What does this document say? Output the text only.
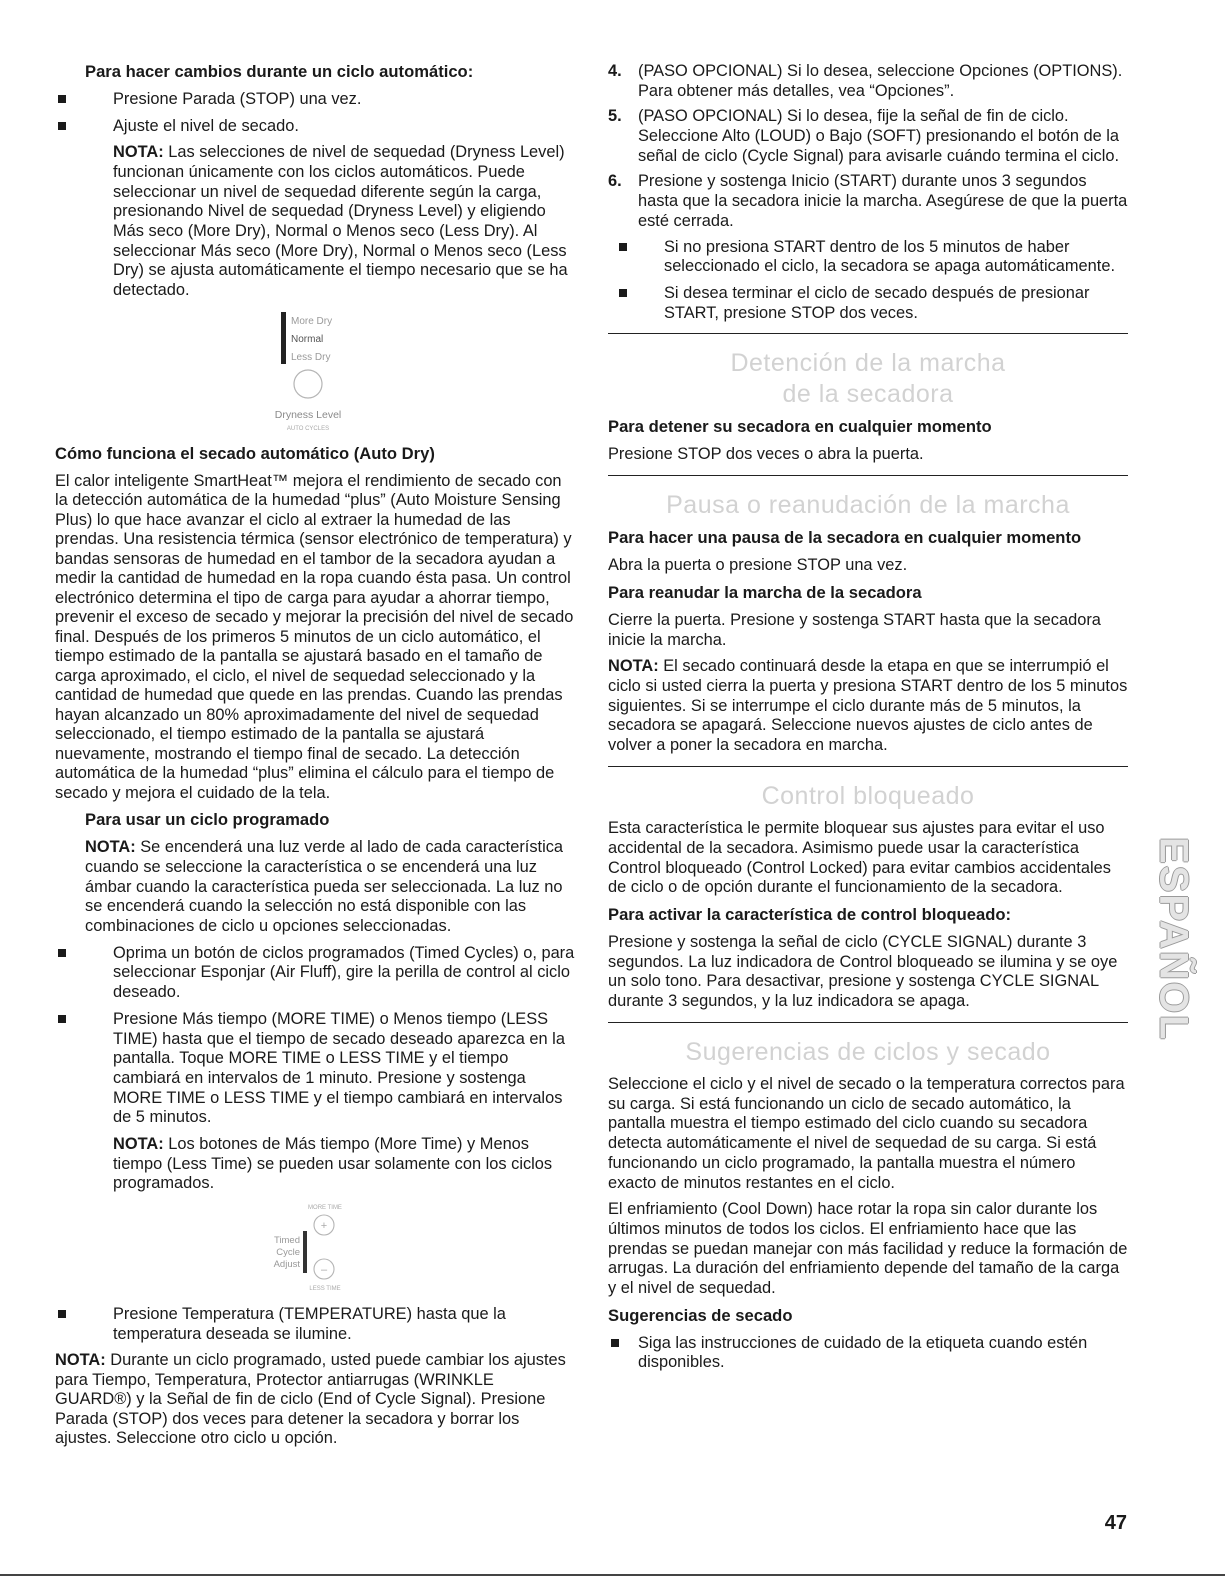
Para hacer cambios durante un ciclo automático:

Presione Parada (STOP) una vez.
Ajuste el nivel de secado.

NOTA: Las selecciones de nivel de sequedad (Dryness Level) funcionan únicamente con los ciclos automáticos. Puede seleccionar un nivel de sequedad diferente según la carga, presionando Nivel de sequedad (Dryness Level) y eligiendo Más seco (More Dry), Normal o Menos seco (Less Dry). Al seleccionar Más seco (More Dry), Normal o Menos seco (Less Dry) se ajusta automáticamente el tiempo necesario que se ha detectado.

More Dry
Normal
Less Dry
Dryness Level
AUTO CYCLES

Cómo funciona el secado automático (Auto Dry)

El calor inteligente SmartHeat™ mejora el rendimiento de secado con la detección automática de la humedad “plus” (Auto Moisture Sensing Plus) lo que hace avanzar el ciclo al extraer la humedad de las prendas. Una resistencia térmica (sensor electrónico de temperatura) y bandas sensoras de humedad en el tambor de la secadora ayudan a medir la cantidad de humedad en la ropa cuando ésta pasa. Un control electrónico determina el tipo de carga para ayudar a ahorrar tiempo, prevenir el exceso de secado y mejorar la precisión del nivel de secado final. Después de los primeros 5 minutos de un ciclo automático, el tiempo estimado de la pantalla se ajustará basado en el tamaño de carga aproximado, el ciclo, el nivel de sequedad seleccionado y la cantidad de humedad que quede en las prendas. Cuando las prendas hayan alcanzado un 80% aproximadamente del nivel de sequedad seleccionado, el tiempo estimado de la pantalla se ajustará nuevamente, mostrando el tiempo final de secado. La detección automática de la humedad “plus” elimina el cálculo para el tiempo de secado y mejora el cuidado de la tela.

Para usar un ciclo programado

NOTA: Se encenderá una luz verde al lado de cada característica cuando se seleccione la característica o se encenderá una luz ámbar cuando la característica pueda ser seleccionada. La luz no se encenderá cuando la selección no está disponible con las combinaciones de ciclo u opciones seleccionadas.

Oprima un botón de ciclos programados (Timed Cycles) o, para seleccionar Esponjar (Air Fluff), gire la perilla de control al ciclo deseado.
Presione Más tiempo (MORE TIME) o Menos tiempo (LESS TIME) hasta que el tiempo de secado deseado aparezca en la pantalla. Toque MORE TIME o LESS TIME y el tiempo cambiará en intervalos de 1 minuto. Presione y sostenga MORE TIME o LESS TIME y el tiempo cambiará en intervalos de 5 minutos.

NOTA: Los botones de Más tiempo (More Time) y Menos tiempo (Less Time) se pueden usar solamente con los ciclos programados.

MORE TIME
+
Timed
Cycle
Adjust –
LESS TIME
Presione Temperatura (TEMPERATURE) hasta que la temperatura deseada se ilumine.

NOTA: Durante un ciclo programado, usted puede cambiar los ajustes para Tiempo, Temperatura, Protector antiarrugas (WRINKLE GUARD®) y la Señal de fin de ciclo (End of Cycle Signal). Presione Parada (STOP) dos veces para detener la secadora y borrar los ajustes. Seleccione otro ciclo u opción.

4. (PASO OPCIONAL) Si lo desea, seleccione Opciones (OPTIONS). Para obtener más detalles, vea “Opciones”.
5. (PASO OPCIONAL) Si lo desea, fije la señal de fin de ciclo. Seleccione Alto (LOUD) o Bajo (SOFT) presionando el botón de la señal de ciclo (Cycle Signal) para avisarle cuándo termina el ciclo.
6. Presione y sostenga Inicio (START) durante unos 3 segundos hasta que la secadora inicie la marcha. Asegúrese de que la puerta esté cerrada.
Si no presiona START dentro de los 5 minutos de haber seleccionado el ciclo, la secadora se apaga automáticamente.
Si desea terminar el ciclo de secado después de presionar START, presione STOP dos veces.
Detención de la marcha
de la secadora

Para detener su secadora en cualquier momento

Presione STOP dos veces o abra la puerta.

Pausa o reanudación de la marcha

Para hacer una pausa de la secadora en cualquier momento

Abra la puerta o presione STOP una vez.

Para reanudar la marcha de la secadora

Cierre la puerta. Presione y sostenga START hasta que la secadora inicie la marcha.

NOTA: El secado continuará desde la etapa en que se interrumpió el ciclo si usted cierra la puerta y presiona START dentro de los 5 minutos siguientes. Si se interrumpe el ciclo durante más de 5 minutos, la secadora se apagará. Seleccione nuevos ajustes de ciclo antes de volver a poner la secadora en marcha.

Control bloqueado

Esta característica le permite bloquear sus ajustes para evitar el uso accidental de la secadora. Asimismo puede usar la característica Control bloqueado (Control Locked) para evitar cambios accidentales de ciclo o de opción durante el funcionamiento de la secadora.

Para activar la característica de control bloqueado:

Presione y sostenga la señal de ciclo (CYCLE SIGNAL) durante 3 segundos. La luz indicadora de Control bloqueado se ilumina y se oye un solo tono. Para desactivar, presione y sostenga CYCLE SIGNAL durante 3 segundos, y la luz indicadora se apaga.

Sugerencias de ciclos y secado

Seleccione el ciclo y el nivel de secado o la temperatura correctos para su carga. Si está funcionando un ciclo de secado automático, la pantalla muestra el tiempo estimado del ciclo cuando su secadora detecta automáticamente el nivel de sequedad de su carga. Si está funcionando un ciclo programado, la pantalla muestra el número exacto de minutos restantes en el ciclo.

El enfriamiento (Cool Down) hace rotar la ropa sin calor durante los últimos minutos de todos los ciclos. El enfriamiento hace que las prendas se puedan manejar con más facilidad y reduce la formación de arrugas. La duración del enfriamiento depende del tamaño de la carga y el nivel de sequedad.

Sugerencias de secado

Siga las instrucciones de cuidado de la etiqueta cuando estén disponibles.
ESPAÑOL
47
